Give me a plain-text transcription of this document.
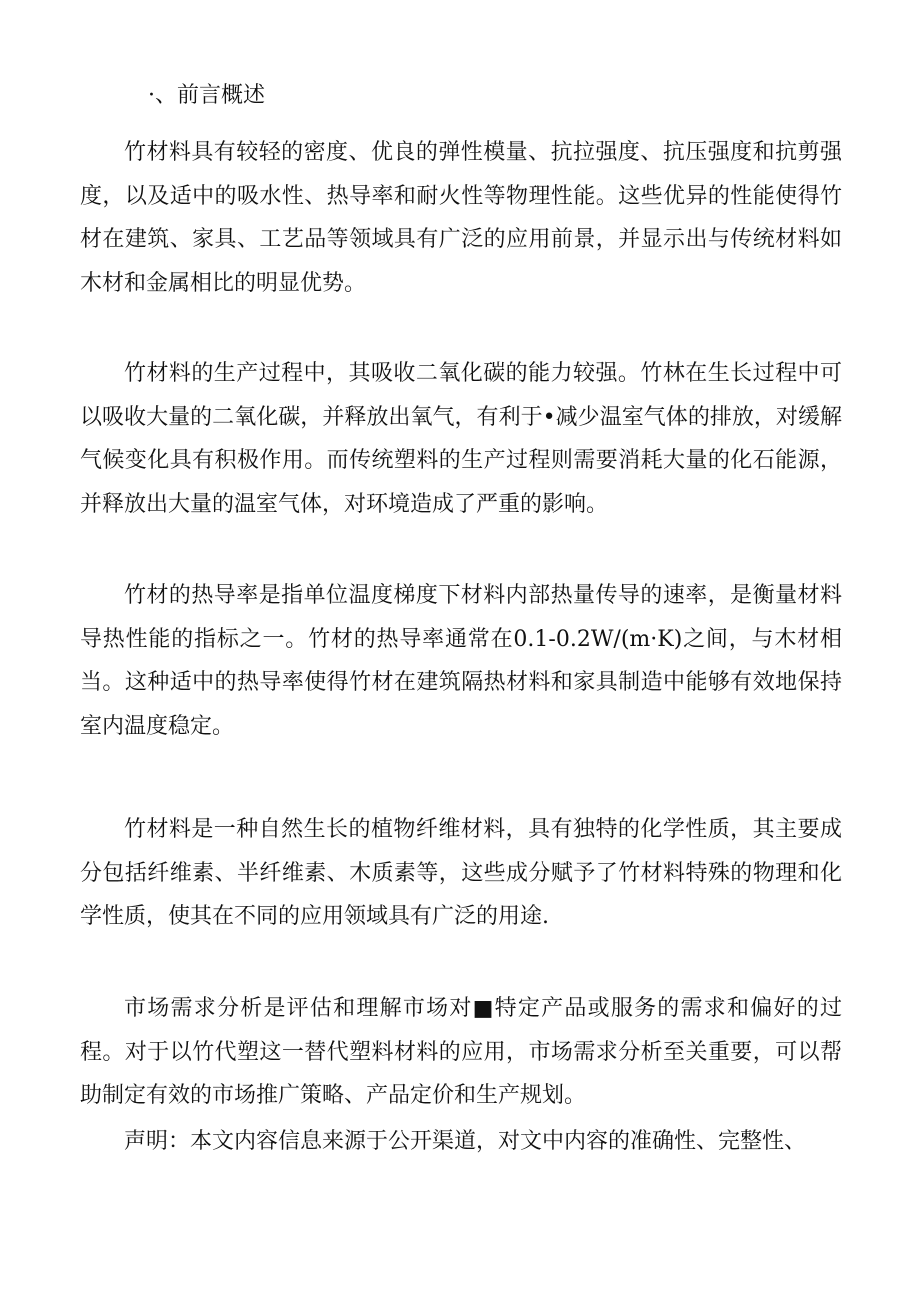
·、前言概述

竹材料具有较轻的密度、优良的弹性模量、抗拉强度、抗压强度和抗剪强度，以及适中的吸水性、热导率和耐火性等物理性能。这些优异的性能使得竹材在建筑、家具、工艺品等领域具有广泛的应用前景，并显示出与传统材料如木材和金属相比的明显优势。

竹材料的生产过程中，其吸收二氧化碳的能力较强。竹林在生长过程中可以吸收大量的二氧化碳，并释放出氧气，有利于•减少温室气体的排放，对缓解气候变化具有积极作用。而传统塑料的生产过程则需要消耗大量的化石能源，并释放出大量的温室气体，对环境造成了严重的影响。

竹材的热导率是指单位温度梯度下材料内部热量传导的速率，是衡量材料导热性能的指标之一。竹材的热导率通常在0.1-0.2W/(m·K)之间，与木材相当。这种适中的热导率使得竹材在建筑隔热材料和家具制造中能够有效地保持室内温度稳定。

竹材料是一种自然生长的植物纤维材料，具有独特的化学性质，其主要成分包括纤维素、半纤维素、木质素等，这些成分赋予了竹材料特殊的物理和化学性质，使其在不同的应用领域具有广泛的用途.

市场需求分析是评估和理解市场对■特定产品或服务的需求和偏好的过程。对于以竹代塑这一替代塑料材料的应用，市场需求分析至关重要，可以帮助制定有效的市场推广策略、产品定价和生产规划。

声明：本文内容信息来源于公开渠道，对文中内容的准确性、完整性、
